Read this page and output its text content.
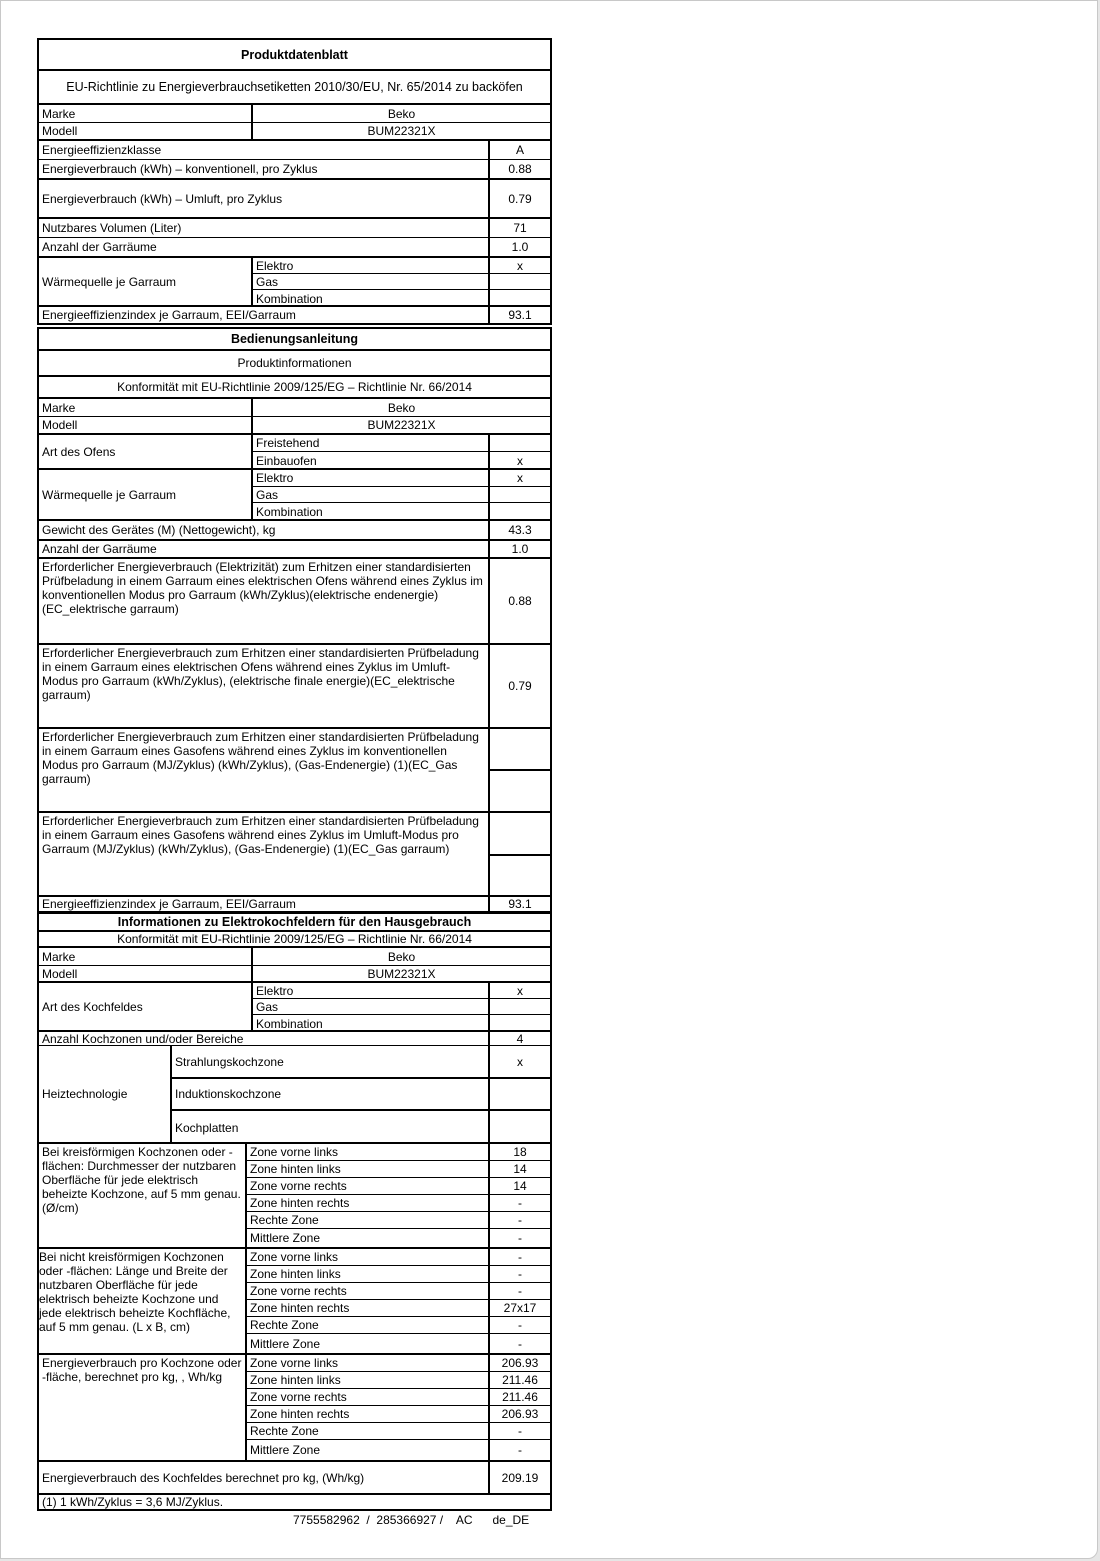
Produktdatenblatt
EU-Richtlinie zu Energieverbrauchsetiketten 2010/30/EU, Nr. 65/2014 zu backöfen
Marke	Beko
Modell	BUM22321X
Energieeffizienzklasse	A
Energieverbrauch (kWh) – konventionell, pro Zyklus	0.88
Energieverbrauch (kWh) – Umluft, pro Zyklus	0.79
Nutzbares Volumen (Liter)	71
Anzahl der Garräume	1.0
Wärmequelle je Garraum
Elektro	x
Gas
Kombination
Energieeffizienzindex je Garraum, EEI/Garraum	93.1
Bedienungsanleitung
Produktinformationen
Konformität mit EU-Richtlinie 2009/125/EG – Richtlinie Nr. 66/2014
Marke	Beko
Modell	BUM22321X
Art des Ofens
Freistehend
Einbauofen	x
Wärmequelle je Garraum
Elektro	x
Gas
Kombination
Gewicht des Gerätes (M) (Nettogewicht), kg	43.3
Anzahl der Garräume	1.0
Erforderlicher Energieverbrauch (Elektrizität) zum Erhitzen einer standardisierten Prüfbeladung in einem Garraum eines elektrischen Ofens während eines Zyklus im konventionellen Modus pro Garraum (kWh/Zyklus)(elektrische endenergie)(EC_elektrische garraum)
0.88
Erforderlicher Energieverbrauch zum Erhitzen einer standardisierten Prüfbeladung in einem Garraum eines elektrischen Ofens während eines Zyklus im Umluft-Modus pro Garraum (kWh/Zyklus), (elektrische finale energie)(EC_elektrische garraum)
0.79
Erforderlicher Energieverbrauch zum Erhitzen einer standardisierten Prüfbeladung in einem Garraum eines Gasofens während eines Zyklus im konventionellen Modus pro Garraum (MJ/Zyklus) (kWh/Zyklus), (Gas-Endenergie) (1)(EC_Gas garraum)
Erforderlicher Energieverbrauch zum Erhitzen einer standardisierten Prüfbeladung in einem Garraum eines Gasofens während eines Zyklus im Umluft-Modus pro Garraum (MJ/Zyklus) (kWh/Zyklus), (Gas-Endenergie) (1)(EC_Gas garraum)
Energieeffizienzindex je Garraum, EEI/Garraum	93.1
Informationen zu Elektrokochfeldern für den Hausgebrauch
Konformität mit EU-Richtlinie 2009/125/EG – Richtlinie Nr. 66/2014
Marke	Beko
Modell	BUM22321X
Art des Kochfeldes
Elektro	x
Gas
Kombination
Anzahl Kochzonen und/oder Bereiche	4
Heiztechnologie
Strahlungskochzone	x
Induktionskochzone
Kochplatten
Bei kreisförmigen Kochzonen oder -flächen: Durchmesser der nutzbaren Oberfläche für jede elektrisch beheizte Kochzone, auf 5 mm genau. (Ø/cm)
Zone vorne links	18
Zone hinten links	14
Zone vorne rechts	14
Zone hinten rechts	-
Rechte Zone	-
Mittlere Zone	-
Bei nicht kreisförmigen Kochzonen oder -flächen: Länge und Breite der nutzbaren Oberfläche für jede elektrisch beheizte Kochzone und jede elektrisch beheizte Kochfläche, auf 5 mm genau. (L x B, cm)
Zone vorne links	-
Zone hinten links	-
Zone vorne rechts	-
Zone hinten rechts	27x17
Rechte Zone	-
Mittlere Zone	-
Energieverbrauch pro Kochzone oder -fläche, berechnet pro kg, , Wh/kg
Zone vorne links	206.93
Zone hinten links	211.46
Zone vorne rechts	211.46
Zone hinten rechts	206.93
Rechte Zone	-
Mittlere Zone	-
Energieverbrauch des Kochfeldes berechnet pro kg, (Wh/kg)	209.19
(1) 1 kWh/Zyklus = 3,6 MJ/Zyklus.
7755582962  /  285366927 /    AC      de_DE
